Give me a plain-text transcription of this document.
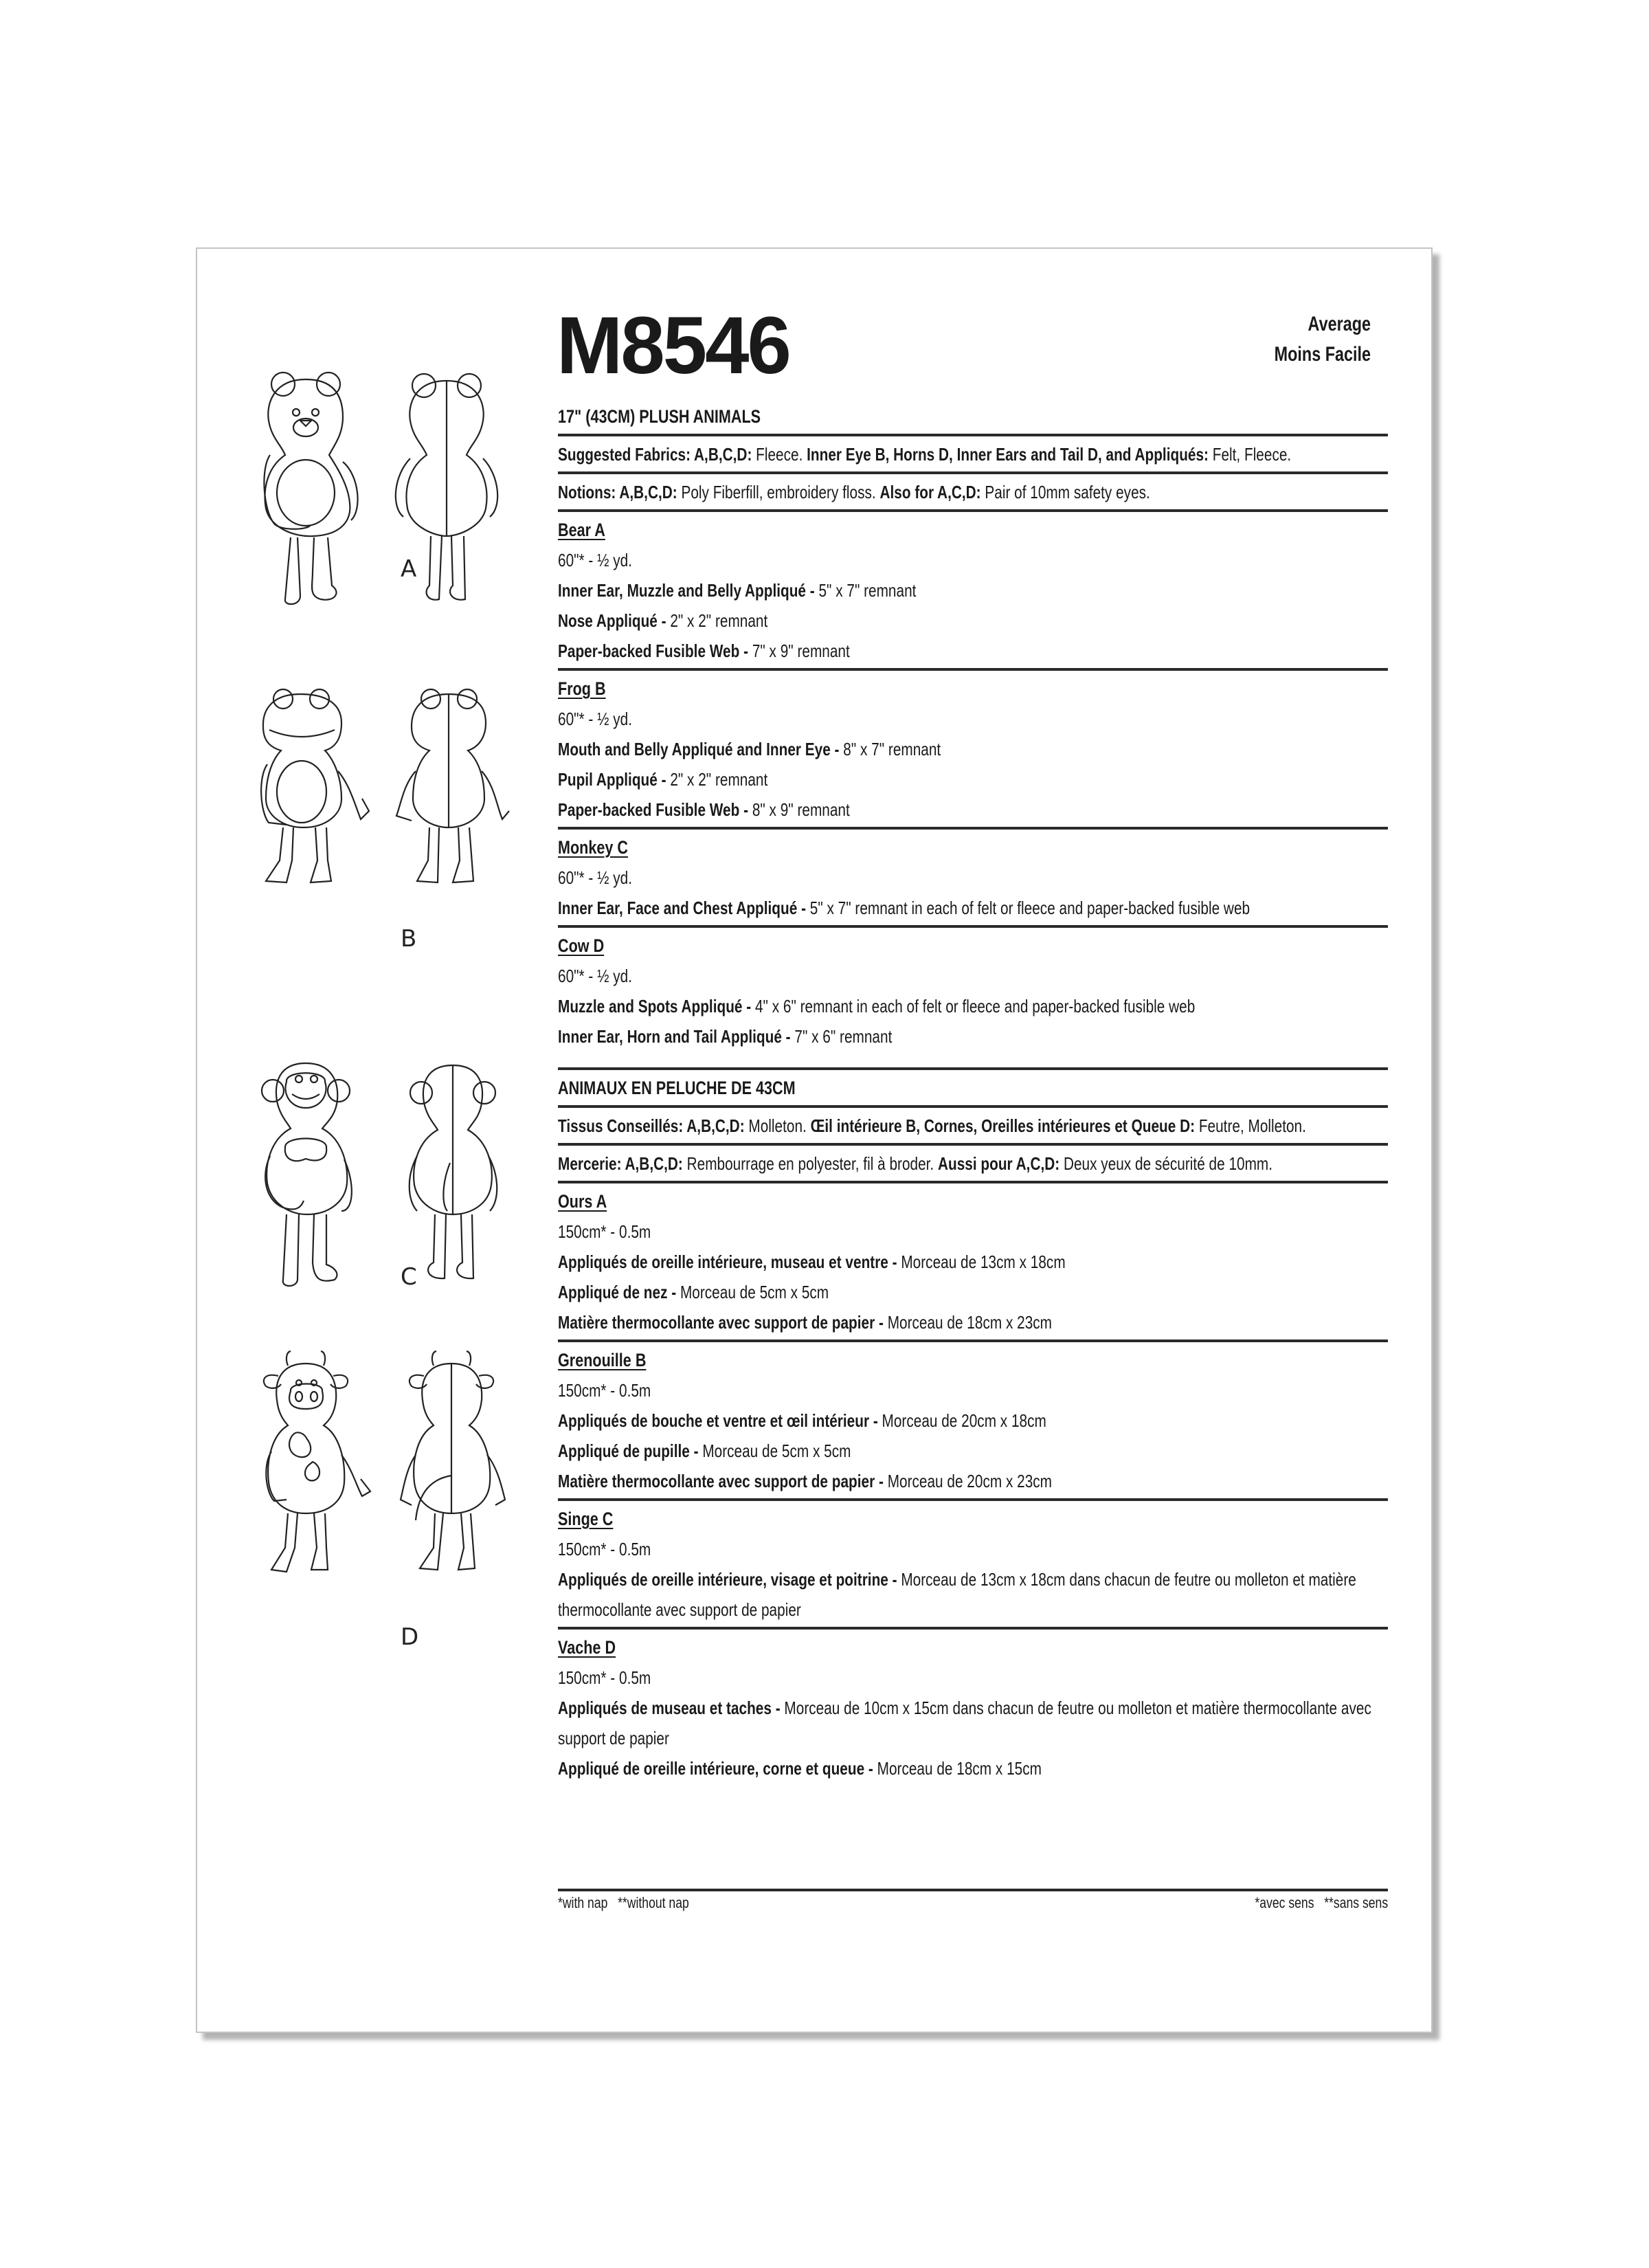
A
B
C
D
M8546	Average
Moins Facile
17" (43CM) PLUSH ANIMALS
Suggested Fabrics: A,B,C,D: Fleece. Inner Eye B, Horns D, Inner Ears and Tail D, and Appliqués: Felt, Fleece.
Notions: A,B,C,D: Poly Fiberfill, embroidery floss. Also for A,C,D: Pair of 10mm safety eyes.
Bear A
60"* - ½ yd.
Inner Ear, Muzzle and Belly Appliqué - 5" x 7" remnant
Nose Appliqué - 2" x 2" remnant
Paper-backed Fusible Web - 7" x 9" remnant
Frog B
60"* - ½ yd.
Mouth and Belly Appliqué and Inner Eye - 8" x 7" remnant
Pupil Appliqué - 2" x 2" remnant
Paper-backed Fusible Web - 8" x 9" remnant
Monkey C
60"* - ½ yd.
Inner Ear, Face and Chest Appliqué - 5" x 7" remnant in each of felt or fleece and paper-backed fusible web
Cow D
60"* - ½ yd.
Muzzle and Spots Appliqué - 4" x 6" remnant in each of felt or fleece and paper-backed fusible web
Inner Ear, Horn and Tail Appliqué - 7" x 6" remnant
ANIMAUX EN PELUCHE DE 43CM
Tissus Conseillés: A,B,C,D: Molleton. Œil intérieure B, Cornes, Oreilles intérieures et Queue D: Feutre, Molleton.
Mercerie: A,B,C,D: Rembourrage en polyester, fil à broder. Aussi pour A,C,D: Deux yeux de sécurité de 10mm.
Ours A
150cm* - 0.5m
Appliqués de oreille intérieure, museau et ventre - Morceau de 13cm x 18cm
Appliqué de nez - Morceau de 5cm x 5cm
Matière thermocollante avec support de papier - Morceau de 18cm x 23cm
Grenouille B
150cm* - 0.5m
Appliqués de bouche et ventre et œil intérieur - Morceau de 20cm x 18cm
Appliqué de pupille - Morceau de 5cm x 5cm
Matière thermocollante avec support de papier - Morceau de 20cm x 23cm
Singe C
150cm* - 0.5m
Appliqués de oreille intérieure, visage et poitrine - Morceau de 13cm x 18cm dans chacun de feutre ou molleton et matière thermocollante avec support de papier
Vache D
150cm* - 0.5m
Appliqués de museau et taches - Morceau de 10cm x 15cm dans chacun de feutre ou molleton et matière thermocollante avec support de papier
Appliqué de oreille intérieure, corne et queue - Morceau de 18cm x 15cm
*with nap   **without nap	*avec sens   **sans sens
